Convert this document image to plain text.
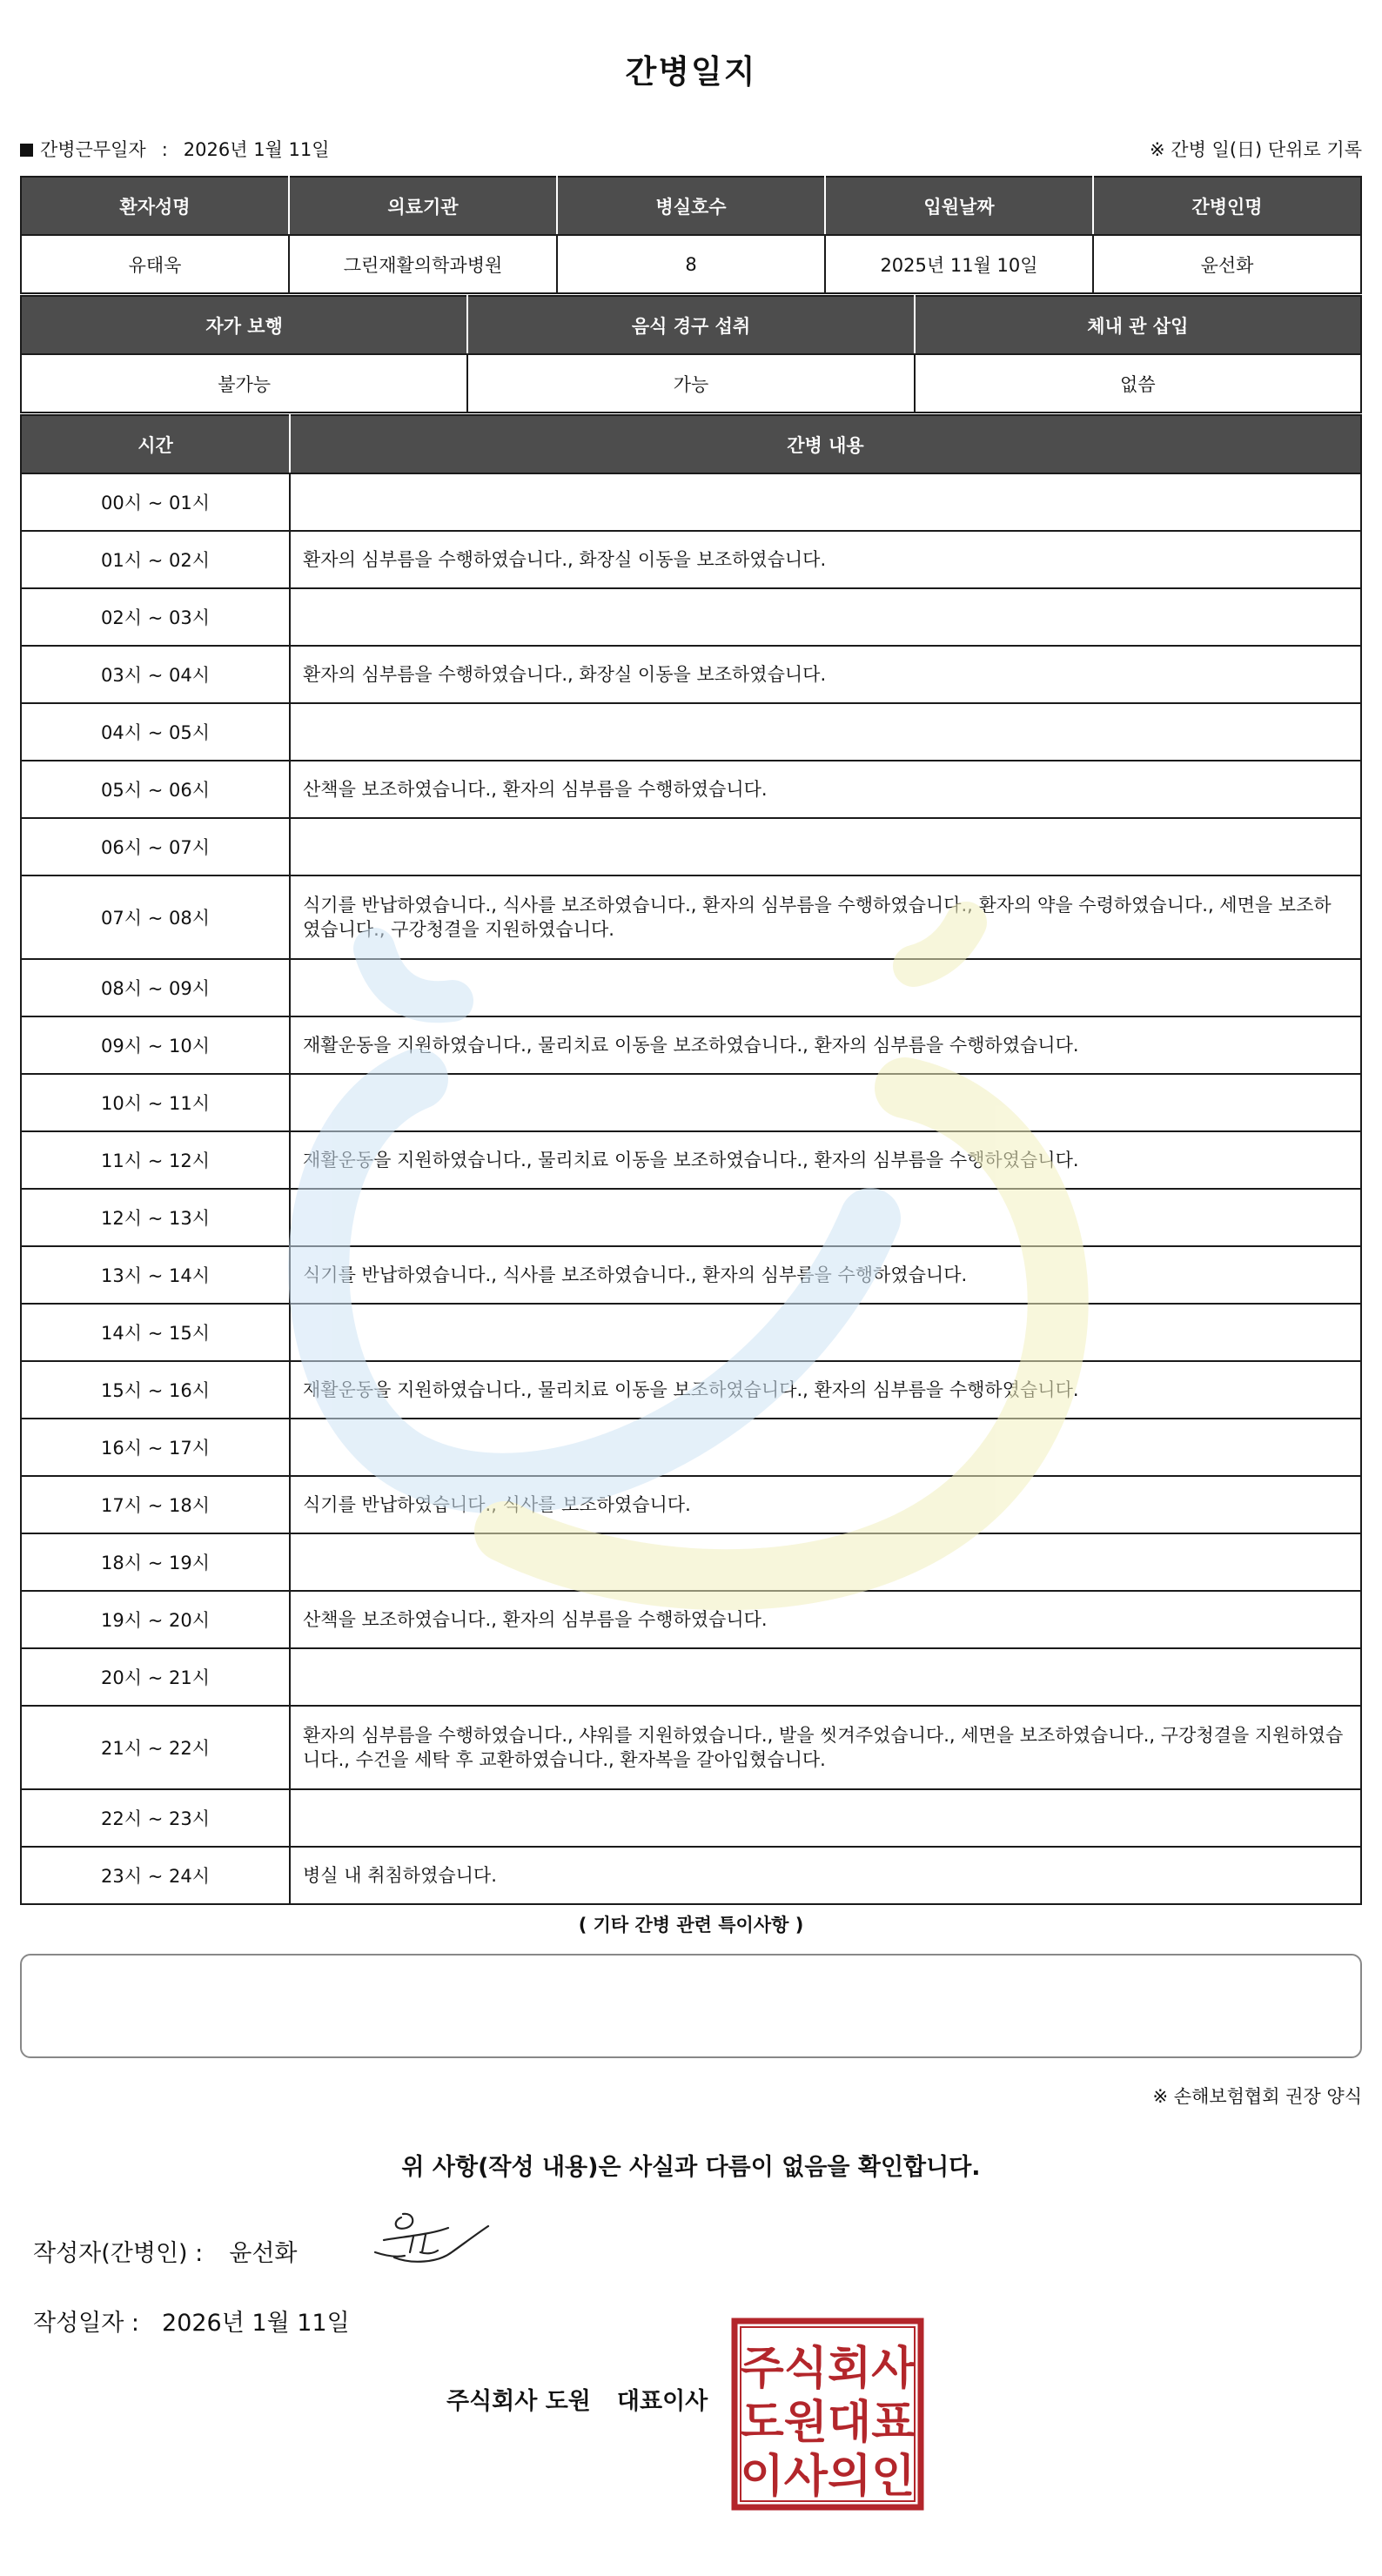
간병일지
간병근무일자 : 2026년 1월 11일	※ 간병 일(日) 단위로 기록
환자성명	의료기관	병실호수	입원날짜	간병인명
유태욱	그린재활의학과병원	8	2025년 11월 10일	윤선화
자가 보행	음식 경구 섭취	체내 관 삽입
불가능	가능	없씀
시간	간병 내용
00시 ~ 01시	
01시 ~ 02시	환자의 심부름을 수행하였습니다., 화장실 이동을 보조하였습니다.
02시 ~ 03시	
03시 ~ 04시	환자의 심부름을 수행하였습니다., 화장실 이동을 보조하였습니다.
04시 ~ 05시	
05시 ~ 06시	산책을 보조하였습니다., 환자의 심부름을 수행하였습니다.
06시 ~ 07시	
07시 ~ 08시	식기를 반납하였습니다., 식사를 보조하였습니다., 환자의 심부름을 수행하였습니다., 환자의 약을 수령하였습니다., 세면을 보조하였습니다., 구강청결을 지원하였습니다.
08시 ~ 09시	
09시 ~ 10시	재활운동을 지원하였습니다., 물리치료 이동을 보조하였습니다., 환자의 심부름을 수행하였습니다.
10시 ~ 11시	
11시 ~ 12시	재활운동을 지원하였습니다., 물리치료 이동을 보조하였습니다., 환자의 심부름을 수행하였습니다.
12시 ~ 13시	
13시 ~ 14시	식기를 반납하였습니다., 식사를 보조하였습니다., 환자의 심부름을 수행하였습니다.
14시 ~ 15시	
15시 ~ 16시	재활운동을 지원하였습니다., 물리치료 이동을 보조하였습니다., 환자의 심부름을 수행하였습니다.
16시 ~ 17시	
17시 ~ 18시	식기를 반납하였습니다., 식사를 보조하였습니다.
18시 ~ 19시	
19시 ~ 20시	산책을 보조하였습니다., 환자의 심부름을 수행하였습니다.
20시 ~ 21시	
21시 ~ 22시	환자의 심부름을 수행하였습니다., 샤워를 지원하였습니다., 발을 씻겨주었습니다., 세면을 보조하였습니다., 구강청결을 지원하였습니다., 수건을 세탁 후 교환하였습니다., 환자복을 갈아입혔습니다.
22시 ~ 23시	
23시 ~ 24시	병실 내 취침하였습니다.
( 기타 간병 관련 특이사항 )
※ 손해보험협회 권장 양식
위 사항(작성 내용)은 사실과 다름이 없음을 확인합니다.
작성자(간병인) : 윤선화
작성일자 : 2026년 1월 11일
주식회사 도원 대표이사
주식회사
도원대표
이사의인
